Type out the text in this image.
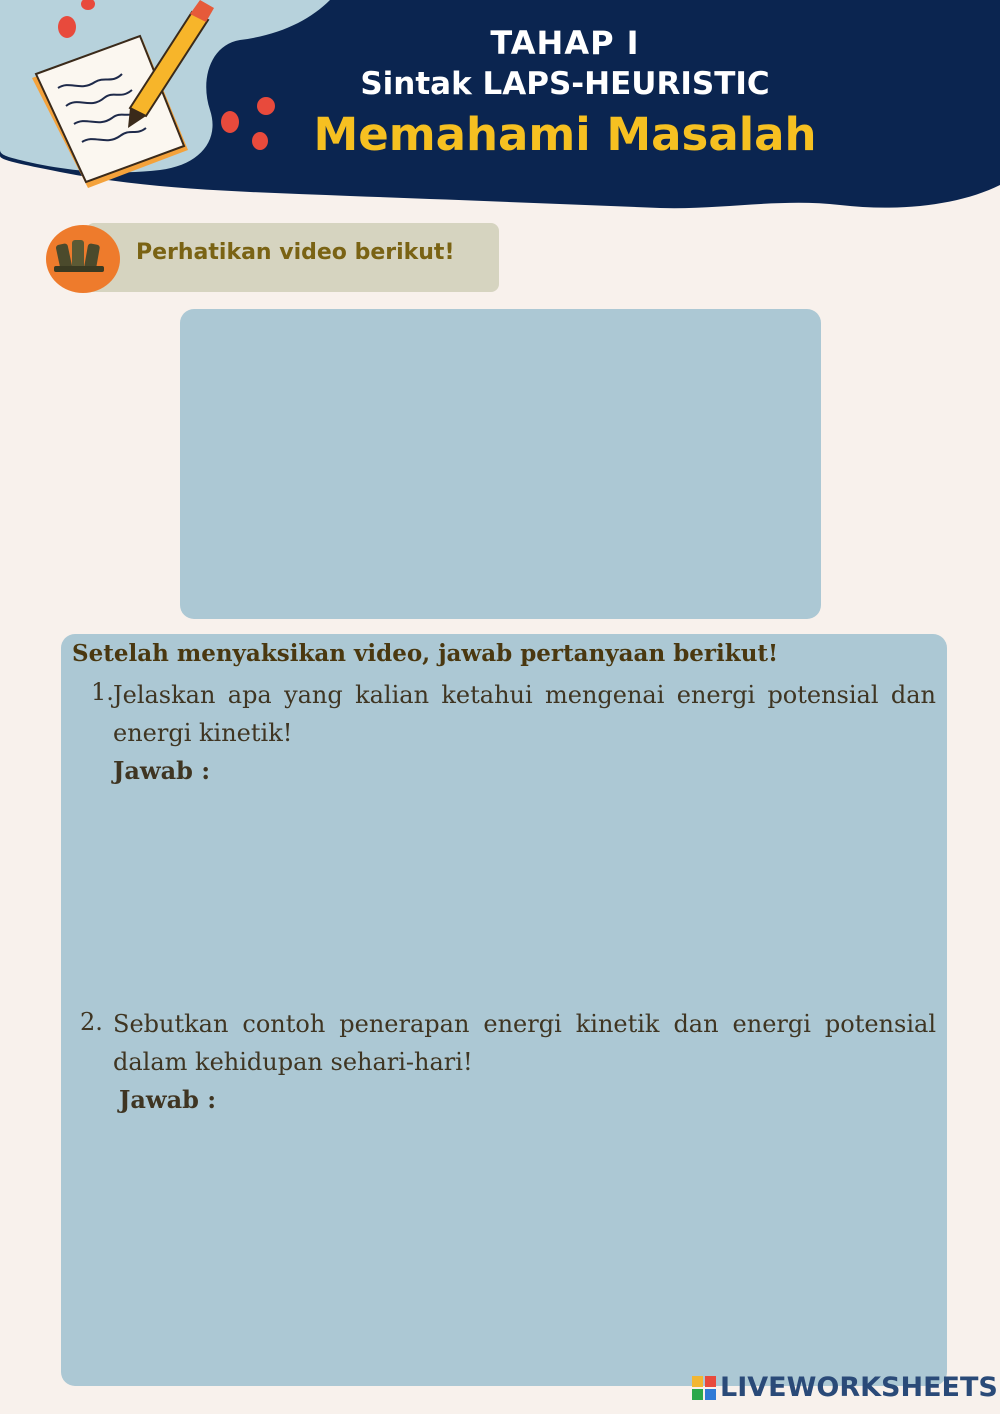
TAHAP I

Sintak LAPS-HEURISTIC

Memahami Masalah

Perhatikan video berikut!

Setelah menyaksikan video, jawab pertanyaan berikut!

1. Jelaskan apa yang kalian ketahui mengenai energi potensial dan energi kinetik!

Jawab :
2. Sebutkan contoh penerapan energi kinetik dan energi potensial dalam kehidupan sehari-hari!

Jawab :
LIVEWORKSHEETS
